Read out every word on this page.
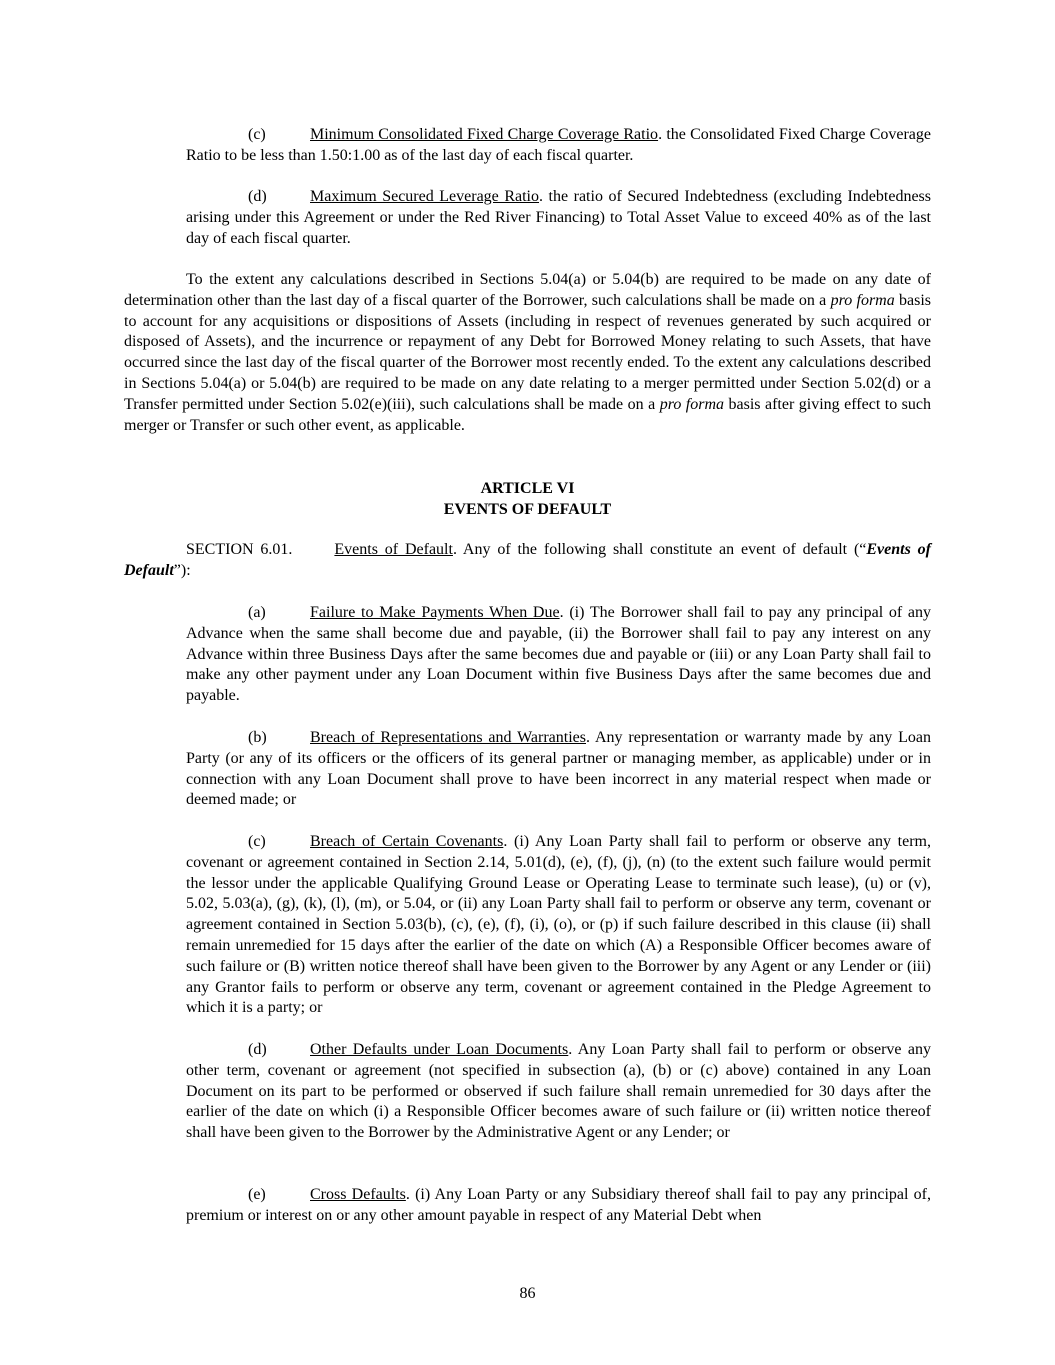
(c)	Minimum Consolidated Fixed Charge Coverage Ratio. the Consolidated Fixed Charge Coverage Ratio to be less than 1.50:1.00 as of the last day of each fiscal quarter.

(d)	Maximum Secured Leverage Ratio. the ratio of Secured Indebtedness (excluding Indebtedness arising under this Agreement or under the Red River Financing) to Total Asset Value to exceed 40% as of the last day of each fiscal quarter.

To the extent any calculations described in Sections 5.04(a) or 5.04(b) are required to be made on any date of determination other than the last day of a fiscal quarter of the Borrower, such calculations shall be made on a pro forma basis to account for any acquisitions or dispositions of Assets (including in respect of revenues generated by such acquired or disposed of Assets), and the incurrence or repayment of any Debt for Borrowed Money relating to such Assets, that have occurred since the last day of the fiscal quarter of the Borrower most recently ended. To the extent any calculations described in Sections 5.04(a) or 5.04(b) are required to be made on any date relating to a merger permitted under Section 5.02(d) or a Transfer permitted under Section 5.02(e)(iii), such calculations shall be made on a pro forma basis after giving effect to such merger or Transfer or such other event, as applicable.

ARTICLE VI

EVENTS OF DEFAULT

SECTION 6.01.	Events of Default. Any of the following shall constitute an event of default (“Events of Default”):

(a)	Failure to Make Payments When Due. (i) The Borrower shall fail to pay any principal of any Advance when the same shall become due and payable, (ii) the Borrower shall fail to pay any interest on any Advance within three Business Days after the same becomes due and payable or (iii) or any Loan Party shall fail to make any other payment under any Loan Document within five Business Days after the same becomes due and payable.

(b)	Breach of Representations and Warranties. Any representation or warranty made by any Loan Party (or any of its officers or the officers of its general partner or managing member, as applicable) under or in connection with any Loan Document shall prove to have been incorrect in any material respect when made or deemed made; or

(c)	Breach of Certain Covenants. (i) Any Loan Party shall fail to perform or observe any term, covenant or agreement contained in Section 2.14, 5.01(d), (e), (f), (j), (n) (to the extent such failure would permit the lessor under the applicable Qualifying Ground Lease or Operating Lease to terminate such lease), (u) or (v), 5.02, 5.03(a), (g), (k), (l), (m), or 5.04, or (ii) any Loan Party shall fail to perform or observe any term, covenant or agreement contained in Section 5.03(b), (c), (e), (f), (i), (o), or (p) if such failure described in this clause (ii) shall remain unremedied for 15 days after the earlier of the date on which (A) a Responsible Officer becomes aware of such failure or (B) written notice thereof shall have been given to the Borrower by any Agent or any Lender or (iii) any Grantor fails to perform or observe any term, covenant or agreement contained in the Pledge Agreement to which it is a party; or

(d)	Other Defaults under Loan Documents. Any Loan Party shall fail to perform or observe any other term, covenant or agreement (not specified in subsection (a), (b) or (c) above) contained in any Loan Document on its part to be performed or observed if such failure shall remain unremedied for 30 days after the earlier of the date on which (i) a Responsible Officer becomes aware of such failure or (ii) written notice thereof shall have been given to the Borrower by the Administrative Agent or any Lender; or

(e)	Cross Defaults. (i) Any Loan Party or any Subsidiary thereof shall fail to pay any principal of, premium or interest on or any other amount payable in respect of any Material Debt when

86
